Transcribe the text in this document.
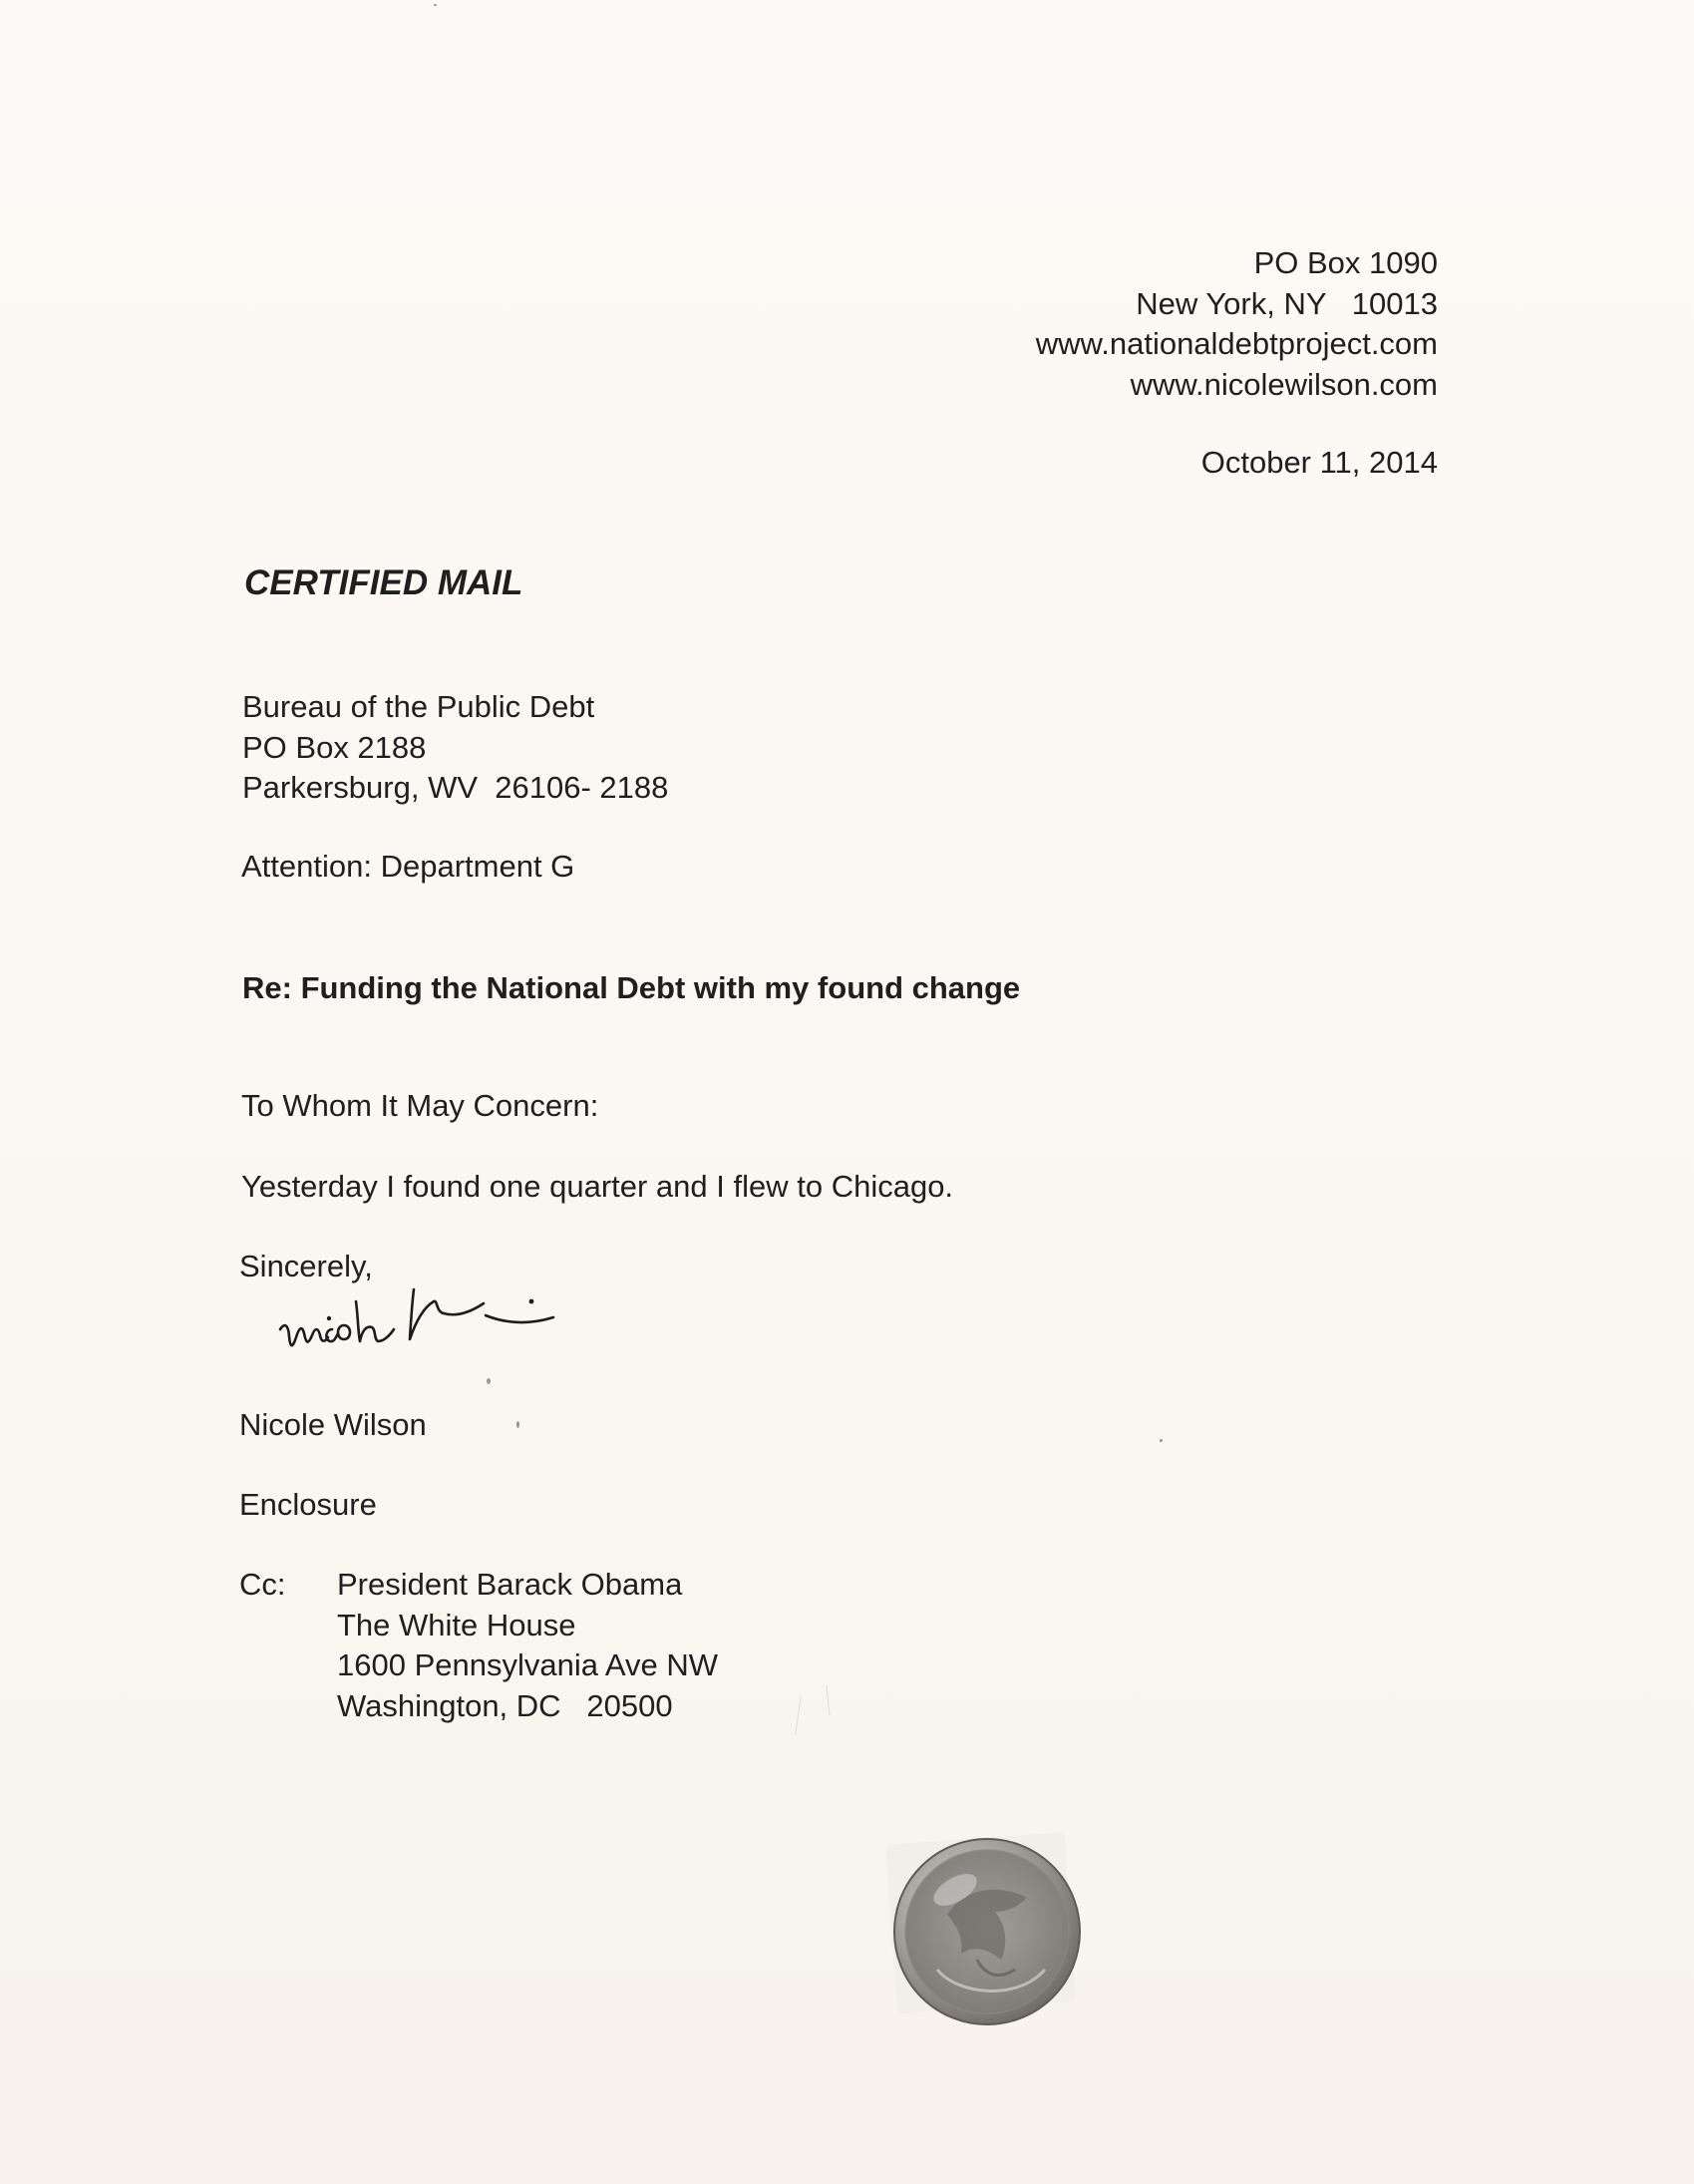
PO Box 1090
New York, NY   10013
www.nationaldebtproject.com
www.nicolewilson.com
October 11, 2014
CERTIFIED MAIL
Bureau of the Public Debt
PO Box 2188
Parkersburg, WV  26106- 2188

Attention: Department G

Re: Funding the National Debt with my found change

To Whom It May Concern:

Yesterday I found one quarter and I flew to Chicago.

Sincerely,

Nicole Wilson

Enclosure

Cc: President Barack Obama
The White House
1600 Pennsylvania Ave NW
Washington, DC   20500
